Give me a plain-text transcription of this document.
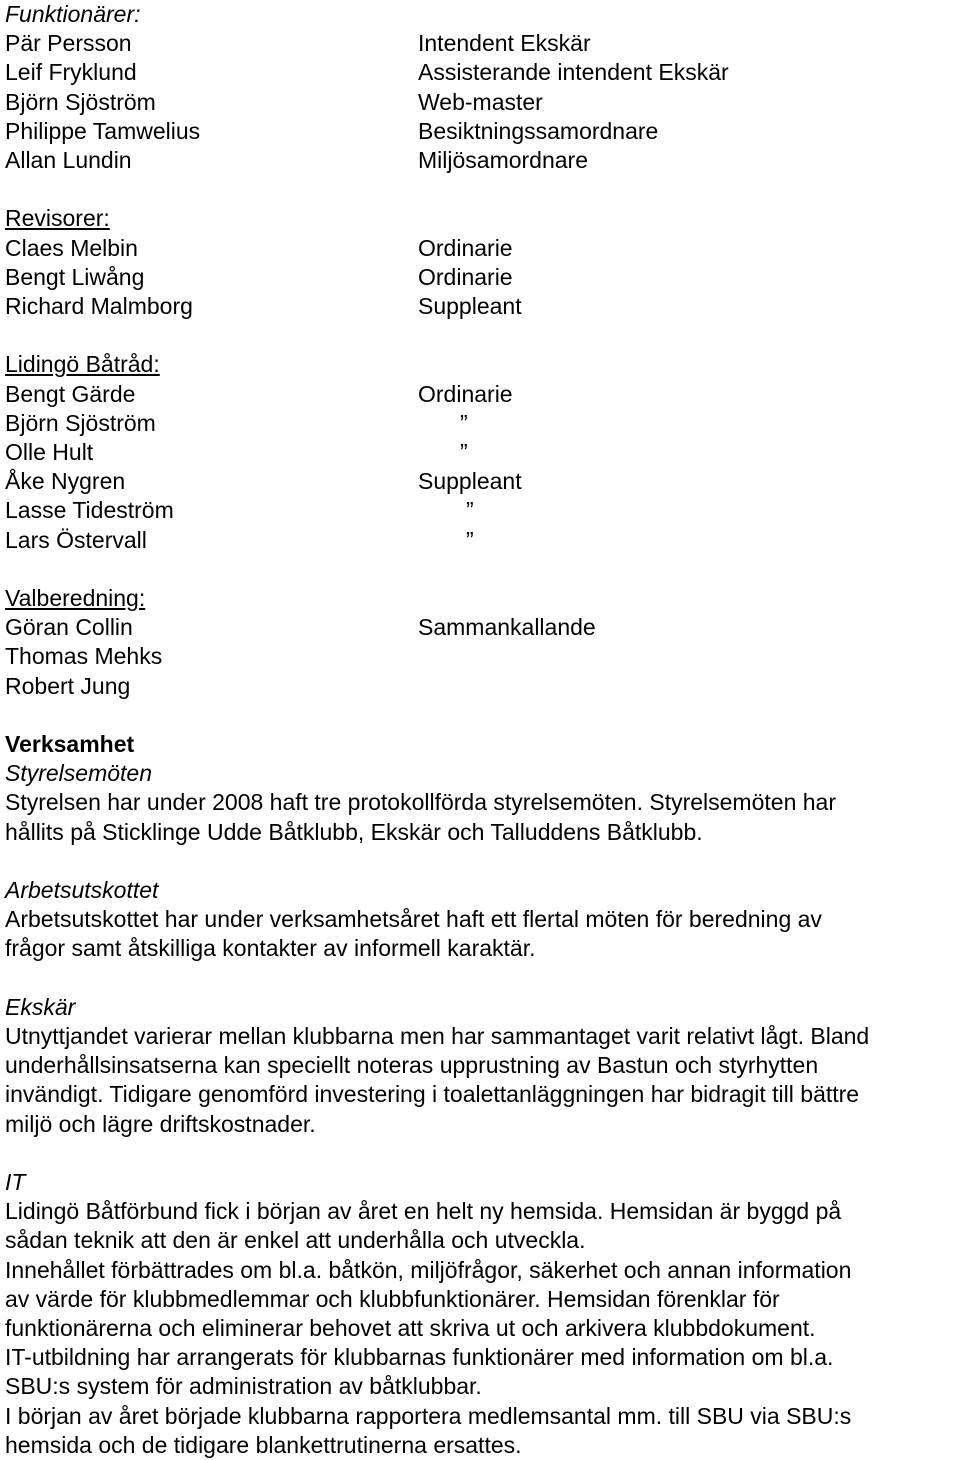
Funktionärer:
Pär Persson	Intendent Ekskär
Leif Fryklund	Assisterande intendent Ekskär
Björn Sjöström	Web-master
Philippe Tamwelius	Besiktningssamordnare
Allan Lundin	Miljösamordnare
Revisorer:
Claes Melbin	Ordinarie
Bengt Liwång	Ordinarie
Richard Malmborg	Suppleant
Lidingö Båtråd:
Bengt Gärde	Ordinarie
Björn Sjöström	”
Olle Hult	”
Åke Nygren	Suppleant
Lasse Tideström	”
Lars Östervall	”
Valberedning:
Göran Collin	Sammankallande
Thomas Mehks
Robert Jung
Verksamhet
Styrelsemöten
Styrelsen har under 2008 haft tre protokollförda styrelsemöten. Styrelsemöten har
hållits på Sticklinge Udde Båtklubb, Ekskär och Talluddens Båtklubb.
Arbetsutskottet
Arbetsutskottet har under verksamhetsåret haft ett flertal möten för beredning av
frågor samt åtskilliga kontakter av informell karaktär.
Ekskär
Utnyttjandet varierar mellan klubbarna men har sammantaget varit relativt lågt. Bland
underhållsinsatserna kan speciellt noteras upprustning av Bastun och styrhytten
invändigt. Tidigare genomförd investering i toalettanläggningen har bidragit till bättre
miljö och lägre driftskostnader.
IT
Lidingö Båtförbund fick i början av året en helt ny hemsida. Hemsidan är byggd på
sådan teknik att den är enkel att underhålla och utveckla.
Innehållet förbättrades om bl.a. båtkön, miljöfrågor, säkerhet och annan information
av värde för klubbmedlemmar och klubbfunktionärer. Hemsidan förenklar för
funktionärerna och eliminerar behovet att skriva ut och arkivera klubbdokument.
IT-utbildning har arrangerats för klubbarnas funktionärer med information om bl.a.
SBU:s system för administration av båtklubbar.
I början av året började klubbarna rapportera medlemsantal mm. till SBU via SBU:s
hemsida och de tidigare blankettrutinerna ersattes.
